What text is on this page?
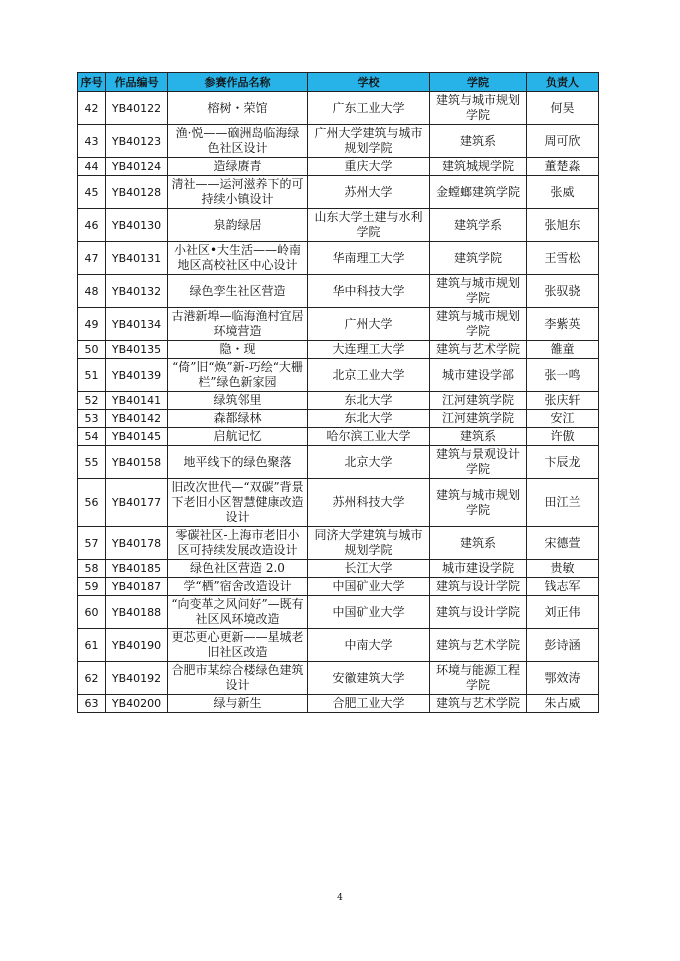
序号	作品编号	参赛作品名称	学校	学院	负责人
42	YB40122	榕树・荣馆	广东工业大学	建筑与城市规划学院	何昊
43	YB40123	渔·悦——硇洲岛临海绿色社区设计	广州大学建筑与城市规划学院	建筑系	周可欣
44	YB40124	造绿赓青	重庆大学	建筑城规学院	董楚淼
45	YB40128	清社——运河滋养下的可持续小镇设计	苏州大学	金螳螂建筑学院	张威
46	YB40130	泉韵绿居	山东大学土建与水利学院	建筑学系	张旭东
47	YB40131	小社区•大生活——岭南地区高校社区中心设计	华南理工大学	建筑学院	王雪松
48	YB40132	绿色孪生社区营造	华中科技大学	建筑与城市规划学院	张驭骁
49	YB40134	古港新埠—临海渔村宜居环境营造	广州大学	建筑与城市规划学院	李紫英
50	YB40135	隐・现	大连理工大学	建筑与艺术学院	雒童
51	YB40139	“倚”旧“焕”新-巧绘“大栅栏”绿色新家园	北京工业大学	城市建设学部	张一鸣
52	YB40141	绿筑邻里	东北大学	江河建筑学院	张庆轩
53	YB40142	森都绿林	东北大学	江河建筑学院	安江
54	YB40145	启航记忆	哈尔滨工业大学	建筑系	许傲
55	YB40158	地平线下的绿色聚落	北京大学	建筑与景观设计学院	卞辰龙
56	YB40177	旧改次世代—“双碳”背景下老旧小区智慧健康改造设计	苏州科技大学	建筑与城市规划学院	田江兰
57	YB40178	零碳社区-上海市老旧小区可持续发展改造设计	同济大学建筑与城市规划学院	建筑系	宋德萱
58	YB40185	绿色社区营造 2.0	长江大学	城市建设学院	贵敏
59	YB40187	学“栖”宿舍改造设计	中国矿业大学	建筑与设计学院	钱志军
60	YB40188	“向变革之风问好”—既有社区风环境改造	中国矿业大学	建筑与设计学院	刘正伟
61	YB40190	更芯更心更新——星城老旧社区改造	中南大学	建筑与艺术学院	彭诗涵
62	YB40192	合肥市某综合楼绿色建筑设计	安徽建筑大学	环境与能源工程学院	鄂效涛
63	YB40200	绿与新生	合肥工业大学	建筑与艺术学院	朱占威
4
